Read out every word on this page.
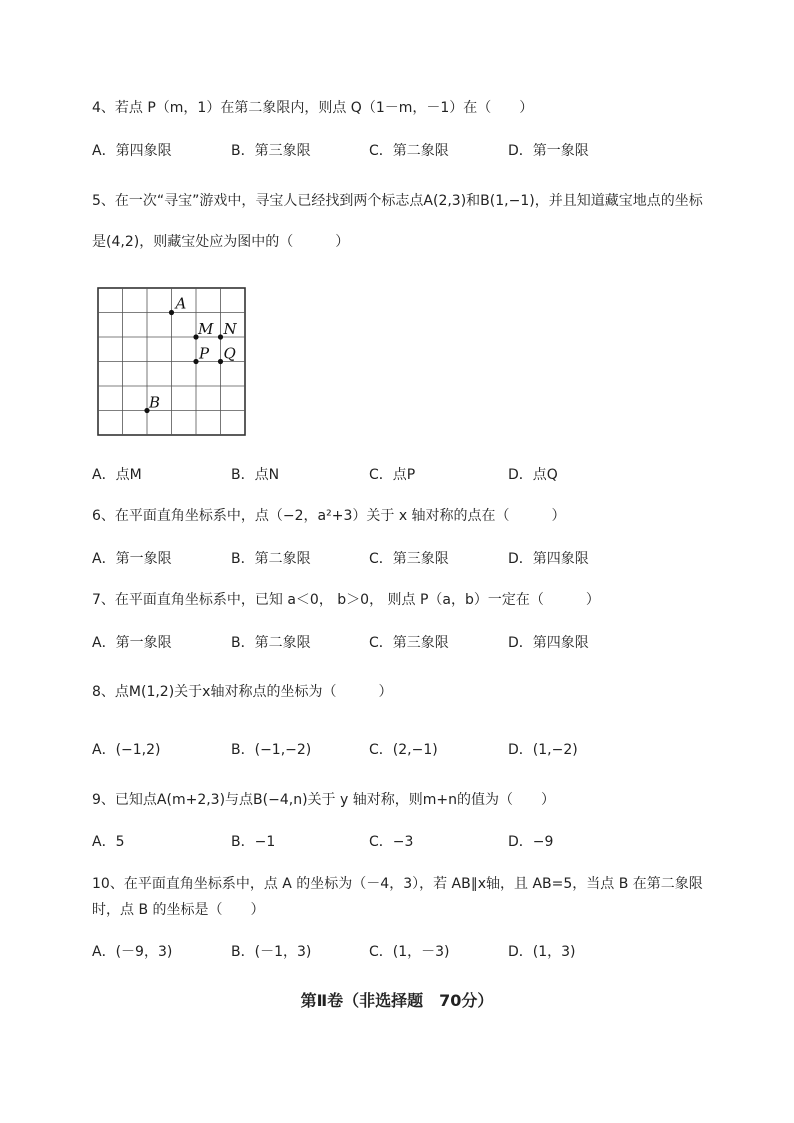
4、若点 P（m，1）在第二象限内，则点 Q（1－m，－1）在（　　）
A．第四象限	B．第三象限	C．第二象限	D．第一象限
5、在一次“寻宝”游戏中，寻宝人已经找到两个标志点A(2,3)和B(1,−1)，并且知道藏宝地点的坐标
是(4,2)，则藏宝处应为图中的（　　　）
A
M N
P Q
B
A．点M	B．点N	C．点P	D．点Q
6、在平面直角坐标系中，点（−2，a²+3）关于 x 轴对称的点在（　　　）
A．第一象限	B．第二象限	C．第三象限	D．第四象限
7、在平面直角坐标系中，已知 a＜0， b＞0， 则点 P（a，b）一定在（　　　）
A．第一象限	B．第二象限	C．第三象限	D．第四象限
8、点M(1,2)关于x轴对称点的坐标为（　　　）
A．(−1,2)	B．(−1,−2)	C．(2,−1)	D．(1,−2)
9、已知点A(m+2,3)与点B(−4,n)关于 y 轴对称，则m+n的值为（　　）
A．5	B．−1	C．−3	D．−9
10、在平面直角坐标系中，点 A 的坐标为（－4，3），若 AB∥x轴，且 AB=5，当点 B 在第二象限
时，点 B 的坐标是（　　）
A．(－9，3)	B．(－1，3)	C．(1，－3)	D．(1，3)
第Ⅱ卷（非选择题　70分）
